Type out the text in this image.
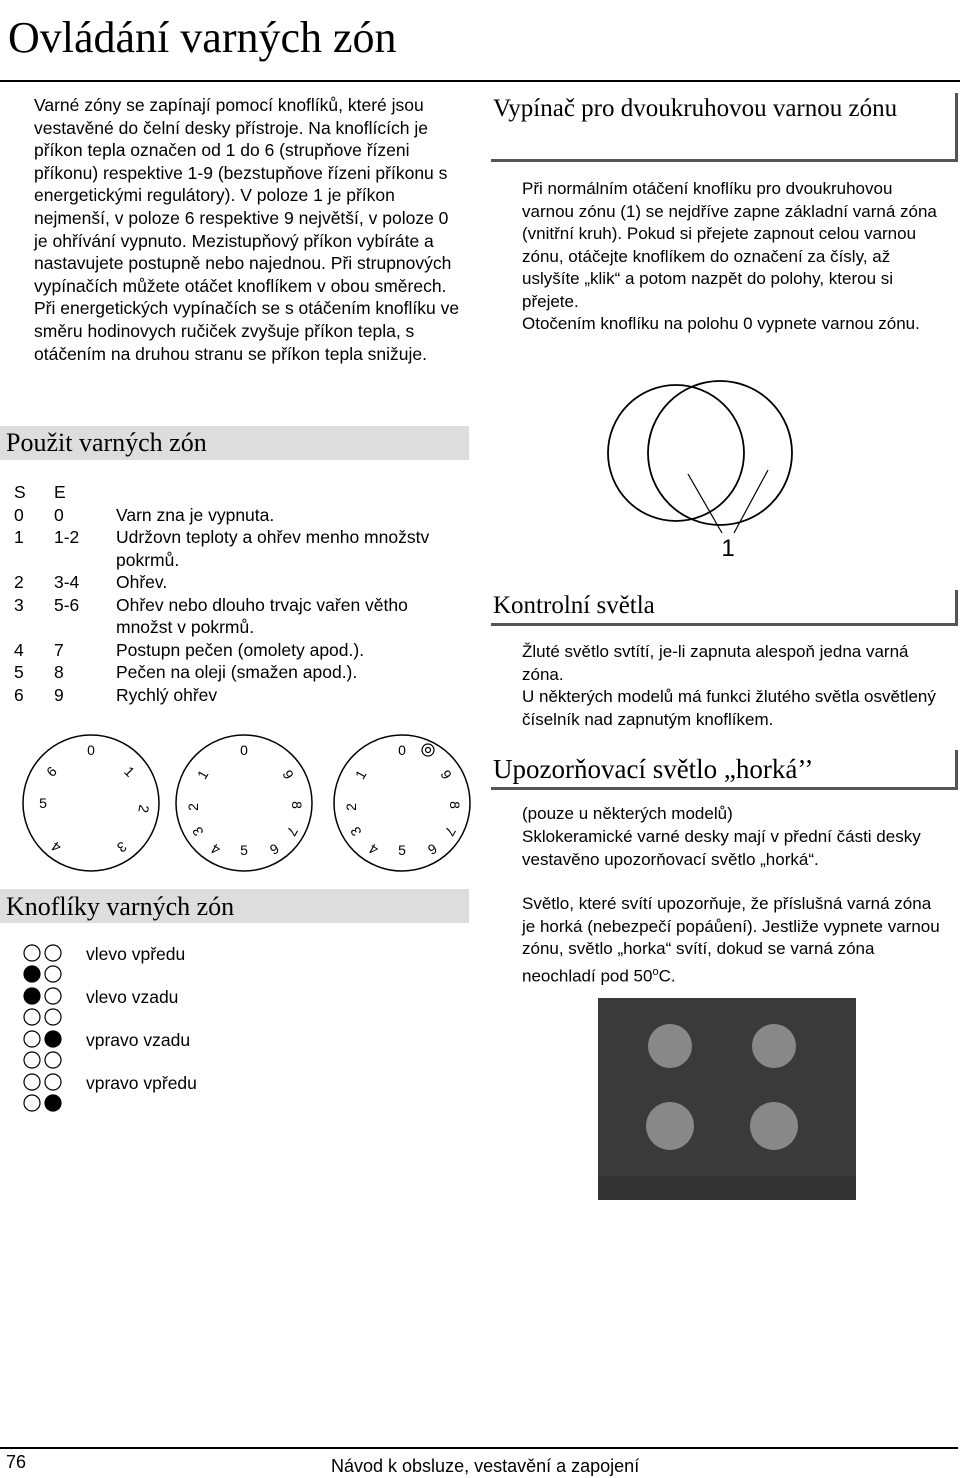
Ovládání varných zón

Varné zóny se zapínají pomocí knoflíků, které jsou vestavěné do čelní desky přístroje. Na knoflících je příkon tepla označen od 1 do 6 (strupňove řízeni příkonu) respektive 1-9 (bezstupňove řízeni příkonu s energetickými regulátory). V poloze 1 je příkon nejmenší, v poloze 6 respektive 9 největší, v poloze 0 je ohřívání vypnuto. Mezistupňový příkon vybíráte a nastavujete postupně nebo najednou. Při strupnových vypínačích můžete otáčet knoflíkem v obou směrech. Při energetických vypínačích se s otáčením knoflíku ve směru hodinovych ručiček zvyšuje příkon tepla, s otáčením na druhou stranu se příkon tepla snižuje.

Použit varných zón
S	E	
0	0	Varn zna je vypnuta.
1	1-2	Udržovn teploty a ohřev menho množstv pokrmů.
2	3-4	Ohřev.
3	5-6	Ohřev nebo dlouho trvajc vařen větho množst v pokrmů.
4	7	Postupn pečen (omolety apod.).
5	8	Pečen na oleji (smažen apod.).
6	9	Rychlý ohřev
0
1
2
3
4
5
6
0
1
2
3
4 5 6
7
8
9
0
1
2
3
4 5 6
7
8
9
Knoflíky varných zón
vlevo vpředu
vlevo vzadu
vpravo vzadu
vpravo vpředu
Vypínač pro dvoukruhovou varnou zónu

Při normálním otáčení knoflíku pro dvoukruhovou varnou zónu (1) se nejdříve zapne základní varná zóna (vnitřní kruh). Pokud si přejete zapnout celou varnou zónu, otáčejte knoflíkem do označení za čísly, až uslyšíte „klik“ a potom nazpět do polohy, kterou si přejete.

Otočením knoflíku na polohu 0 vypnete varnou zónu.

1
Kontrolní světla

Žluté světlo svtítí, je-li zapnuta alespoň jedna varná zóna.

U některých modelů má funkci žlutého světla osvětlený číselník nad zapnutým knoflíkem.

Upozorňovací světlo „horká’’

(pouze u některých modelů)

Sklokeramické varné desky mají v přední části desky vestavěno upozorňovací světlo „horká“.

Světlo, které svítí upozorňuje, že příslušná varná zóna je horká (nebezpečí popáůení). Jestliže vypnete varnou zónu, světlo „horka“ svítí, dokud se varná zóna neochladí pod 50$^o$C.

76	Návod k obsluze, vestavění a zapojení
